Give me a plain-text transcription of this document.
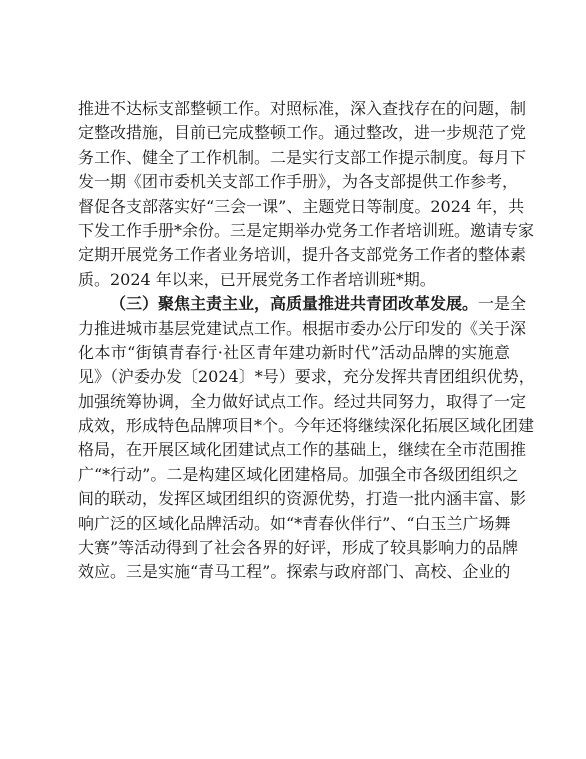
推进不达标支部整顿工作。对照标准，深入查找存在的问题，制
定整改措施，目前已完成整顿工作。通过整改，进一步规范了党
务工作、健全了工作机制。二是实行支部工作提示制度。每月下
发一期《团市委机关支部工作手册》，为各支部提供工作参考，
督促各支部落实好“三会一课”、主题党日等制度。2024 年，共
下发工作手册*余份。三是定期举办党务工作者培训班。邀请专家
定期开展党务工作者业务培训，提升各支部党务工作者的整体素
质。2024 年以来，已开展党务工作者培训班*期。
（三）聚焦主责主业，高质量推进共青团改革发展。一是全
力推进城市基层党建试点工作。根据市委办公厅印发的《关于深
化本市“街镇青春行·社区青年建功新时代”活动品牌的实施意
见》（沪委办发〔2024〕*号）要求，充分发挥共青团组织优势，
加强统筹协调，全力做好试点工作。经过共同努力，取得了一定
成效，形成特色品牌项目*个。今年还将继续深化拓展区域化团建
格局，在开展区域化团建试点工作的基础上，继续在全市范围推
广“*行动”。二是构建区域化团建格局。加强全市各级团组织之
间的联动，发挥区域团组织的资源优势，打造一批内涵丰富、影
响广泛的区域化品牌活动。如“*青春伙伴行”、“白玉兰广场舞
大赛”等活动得到了社会各界的好评，形成了较具影响力的品牌
效应。三是实施“青马工程”。探索与政府部门、高校、企业的
